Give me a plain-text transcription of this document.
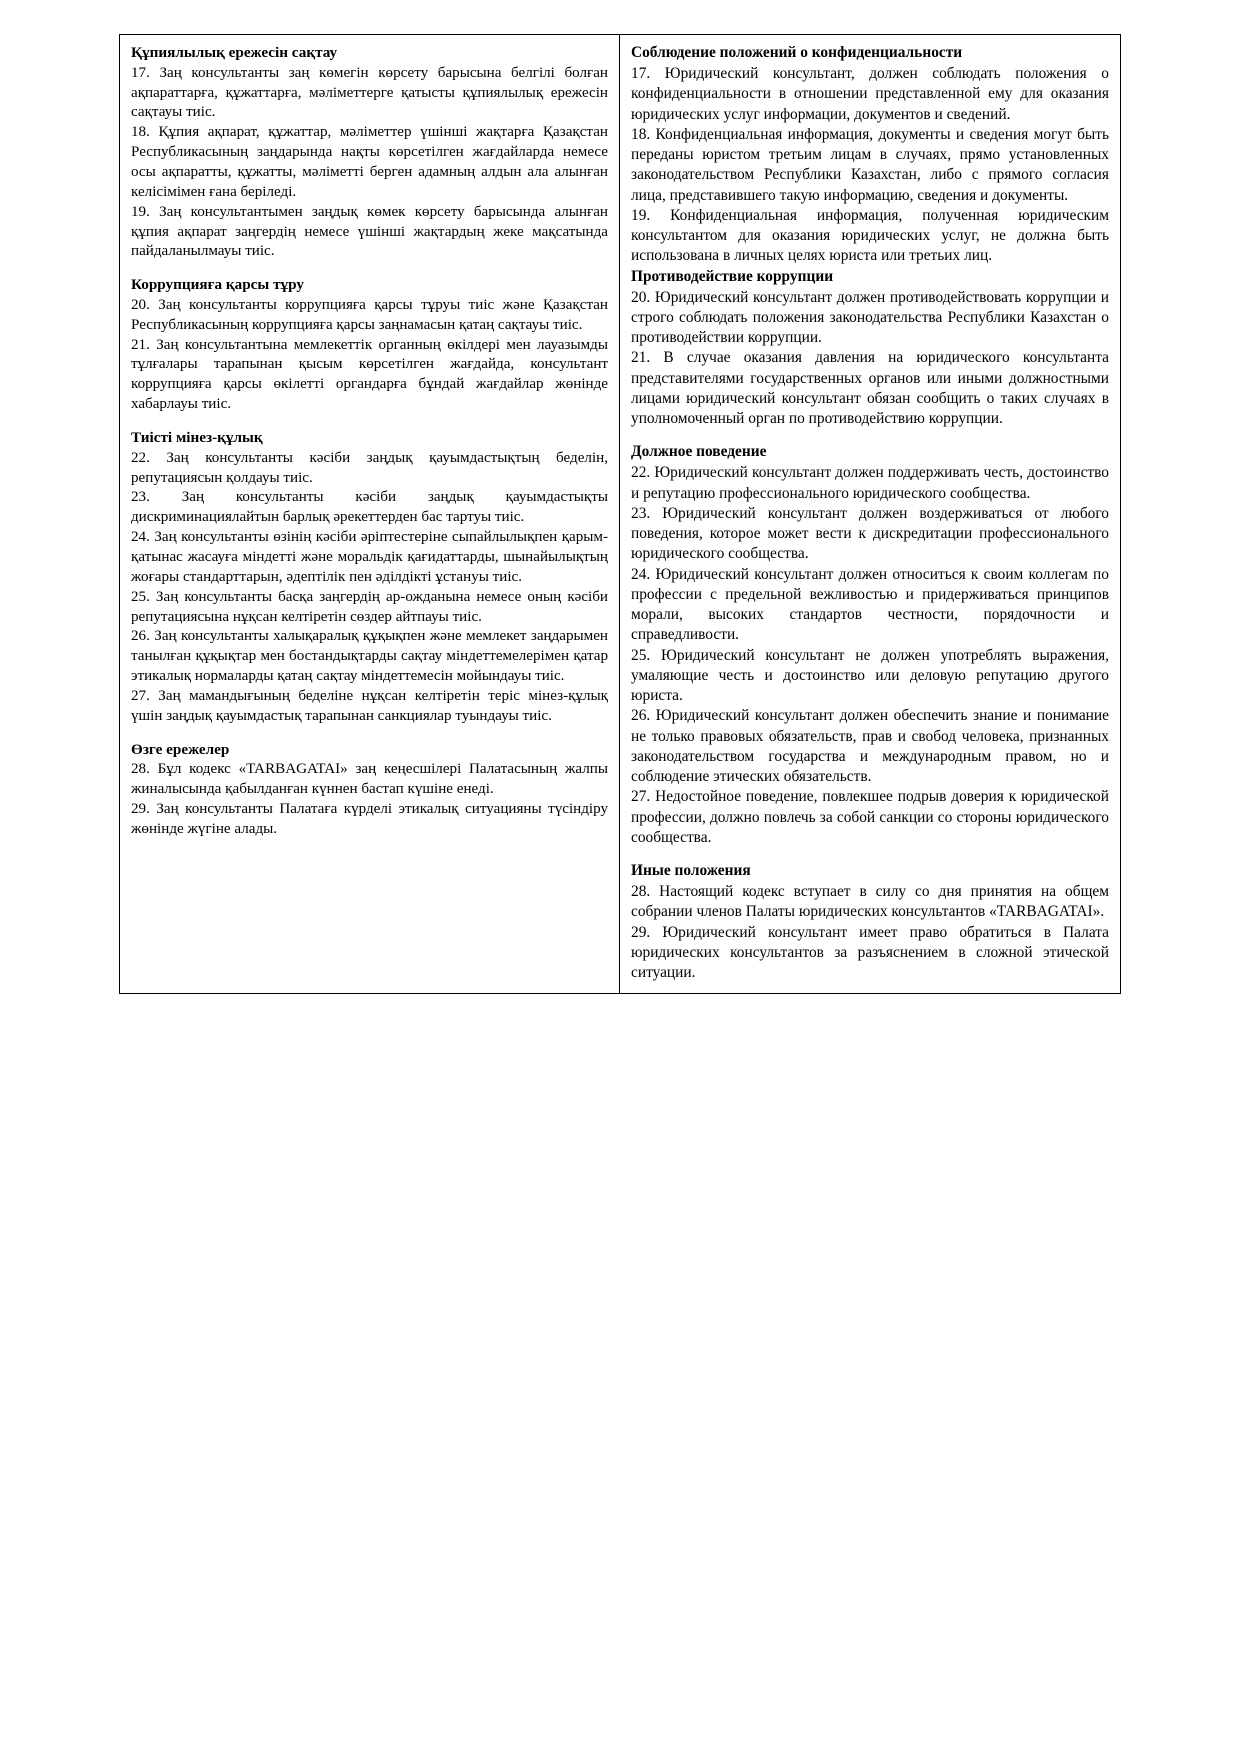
Құпиялылық ережесін сақтау

17. Заң консультанты заң көмегін көрсету барысына белгілі болған ақпараттарға, құжаттарға, мәліметтерге қатысты құпиялылық ережесін сақтауы тиіс.

18. Құпия ақпарат, құжаттар, мәліметтер үшінші жақтарға Қазақстан Республикасының заңдарында нақты көрсетілген жағдайларда немесе осы ақпаратты, құжатты, мәліметті берген адамның алдын ала алынған келісімімен ғана беріледі.

19. Заң консультантымен заңдық көмек көрсету барысында алынған құпия ақпарат заңгердің немесе үшінші жақтардың жеке мақсатында пайдаланылмауы тиіс.

Коррупцияға қарсы тұру

20. Заң консультанты коррупцияға қарсы тұруы тиіс және Қазақстан Республикасының коррупцияға қарсы заңнамасын қатаң сақтауы тиіс.

21. Заң консультантына мемлекеттік органның өкілдері мен лауазымды тұлғалары тарапынан қысым көрсетілген жағдайда, консультант коррупцияға қарсы өкілетті органдарға бұндай жағдайлар жөнінде хабарлауы тиіс.

Тиісті мінез-құлық

22. Заң консультанты кәсіби заңдық қауымдастықтың беделін, репутациясын қолдауы тиіс.

23. Заң консультанты кәсіби заңдық қауымдастықты дискриминациялайтын барлық әрекеттерден бас тартуы тиіс.

24. Заң консультанты өзінің кәсіби әріптестеріне сыпайлылықпен қарым-қатынас жасауға міндетті және моральдік қағидаттарды, шынайылықтың жоғары стандарттарын, әдептілік пен әділдікті ұстануы тиіс.

25. Заң консультанты басқа заңгердің ар-ожданына немесе оның кәсіби репутациясына нұқсан келтіретін сөздер айтпауы тиіс.

26. Заң консультанты халықаралық құқықпен және мемлекет заңдарымен танылған құқықтар мен бостандықтарды сақтау міндеттемелерімен қатар этикалық нормаларды қатаң сақтау міндеттемесін мойындауы тиіс.

27. Заң мамандығының беделіне нұқсан келтіретін теріс мінез-құлық үшін заңдық қауымдастық тарапынан санкциялар туындауы тиіс.

Өзге ережелер

28. Бұл кодекс «TARBAGATAI» заң кеңесшілері Палатасының жалпы жиналысында қабылданған күннен бастап күшіне енеді.

29. Заң консультанты Палатаға күрделі этикалық ситуацияны түсіндіру жөнінде жүгіне алады.

Соблюдение положений о конфиденциальности

17. Юридический консультант, должен соблюдать положения о конфиденциальности в отношении представленной ему для оказания юридических услуг информации, документов и сведений.

18. Конфиденциальная информация, документы и сведения могут быть переданы юристом третьим лицам в случаях, прямо установленных законодательством Республики Казахстан, либо с прямого согласия лица, представившего такую информацию, сведения и документы.

19. Конфиденциальная информация, полученная юридическим консультантом для оказания юридических услуг, не должна быть использована в личных целях юриста или третьих лиц.

Противодействие коррупции

20. Юридический консультант должен противодействовать коррупции и строго соблюдать положения законодательства Республики Казахстан о противодействии коррупции.

21. В случае оказания давления на юридического консультанта представителями государственных органов или иными должностными лицами юридический консультант обязан сообщить о таких случаях в уполномоченный орган по противодействию коррупции.

Должное поведение

22. Юридический консультант должен поддерживать честь, достоинство и репутацию профессионального юридического сообщества.

23. Юридический консультант должен воздерживаться от любого поведения, которое может вести к дискредитации профессионального юридического сообщества.

24. Юридический консультант должен относиться к своим коллегам по профессии с предельной вежливостью и придерживаться принципов морали, высоких стандартов честности, порядочности и справедливости.

25. Юридический консультант не должен употреблять выражения, умаляющие честь и достоинство или деловую репутацию другого юриста.

26. Юридический консультант должен обеспечить знание и понимание не только правовых обязательств, прав и свобод человека, признанных законодательством государства и международным правом, но и соблюдение этических обязательств.

27. Недостойное поведение, повлекшее подрыв доверия к юридической профессии, должно повлечь за собой санкции со стороны юридического сообщества.

Иные положения

28. Настоящий кодекс вступает в силу со дня принятия на общем собрании членов Палаты юридических консультантов «TARBAGATAI».

29. Юридический консультант имеет право обратиться в Палата юридических консультантов за разъяснением в сложной этической ситуации.
